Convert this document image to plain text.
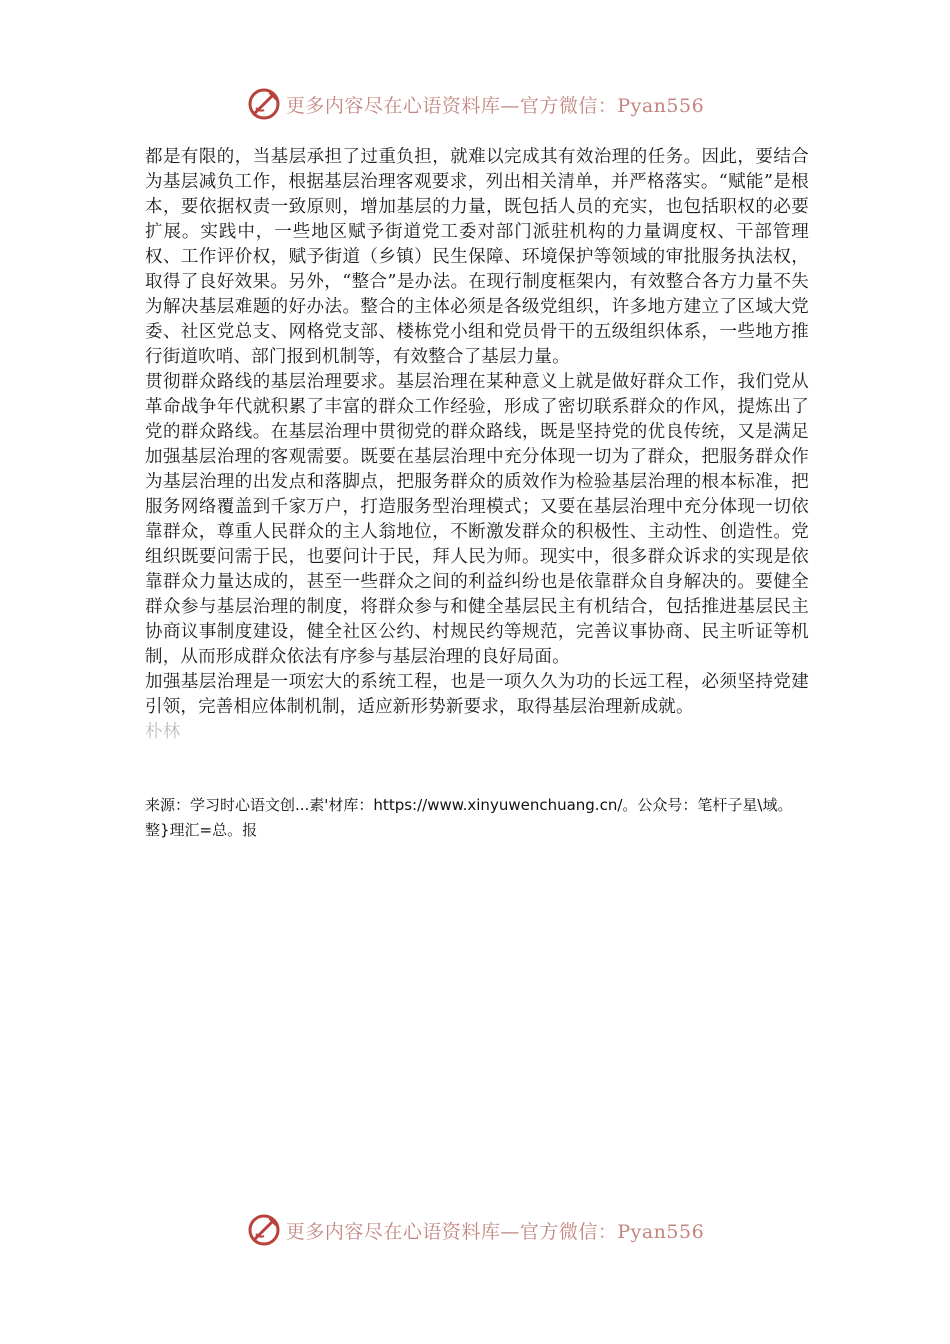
更多内容尽在心语资料库—官方微信：Pyan556

都是有限的，当基层承担了过重负担，就难以完成其有效治理的任务。因此，要结合为基层减负工作，根据基层治理客观要求，列出相关清单，并严格落实。“赋能”是根本，要依据权责一致原则，增加基层的力量，既包括人员的充实，也包括职权的必要扩展。实践中，一些地区赋予街道党工委对部门派驻机构的力量调度权、干部管理权、工作评价权，赋予街道（乡镇）民生保障、环境保护等领域的审批服务执法权，取得了良好效果。另外，“整合”是办法。在现行制度框架内，有效整合各方力量不失为解决基层难题的好办法。整合的主体必须是各级党组织，许多地方建立了区域大党委、社区党总支、网格党支部、楼栋党小组和党员骨干的五级组织体系，一些地方推行街道吹哨、部门报到机制等，有效整合了基层力量。

贯彻群众路线的基层治理要求。基层治理在某种意义上就是做好群众工作，我们党从革命战争年代就积累了丰富的群众工作经验，形成了密切联系群众的作风，提炼出了党的群众路线。在基层治理中贯彻党的群众路线，既是坚持党的优良传统，又是满足加强基层治理的客观需要。既要在基层治理中充分体现一切为了群众，把服务群众作为基层治理的出发点和落脚点，把服务群众的质效作为检验基层治理的根本标准，把服务网络覆盖到千家万户，打造服务型治理模式；又要在基层治理中充分体现一切依靠群众，尊重人民群众的主人翁地位，不断激发群众的积极性、主动性、创造性。党组织既要问需于民，也要问计于民，拜人民为师。现实中，很多群众诉求的实现是依靠群众力量达成的，甚至一些群众之间的利益纠纷也是依靠群众自身解决的。要健全群众参与基层治理的制度，将群众参与和健全基层民主有机结合，包括推进基层民主协商议事制度建设，健全社区公约、村规民约等规范，完善议事协商、民主听证等机制，从而形成群众依法有序参与基层治理的良好局面。

加强基层治理是一项宏大的系统工程，也是一项久久为功的长远工程，必须坚持党建引领，完善相应体制机制，适应新形势新要求，取得基层治理新成就。

朴林

来源：学习时心语文创...素'材库：https://www.xinyuwenchuang.cn/。公众号：笔杆子星\域。整}理汇=总。报
更多内容尽在心语资料库—官方微信：Pyan556
